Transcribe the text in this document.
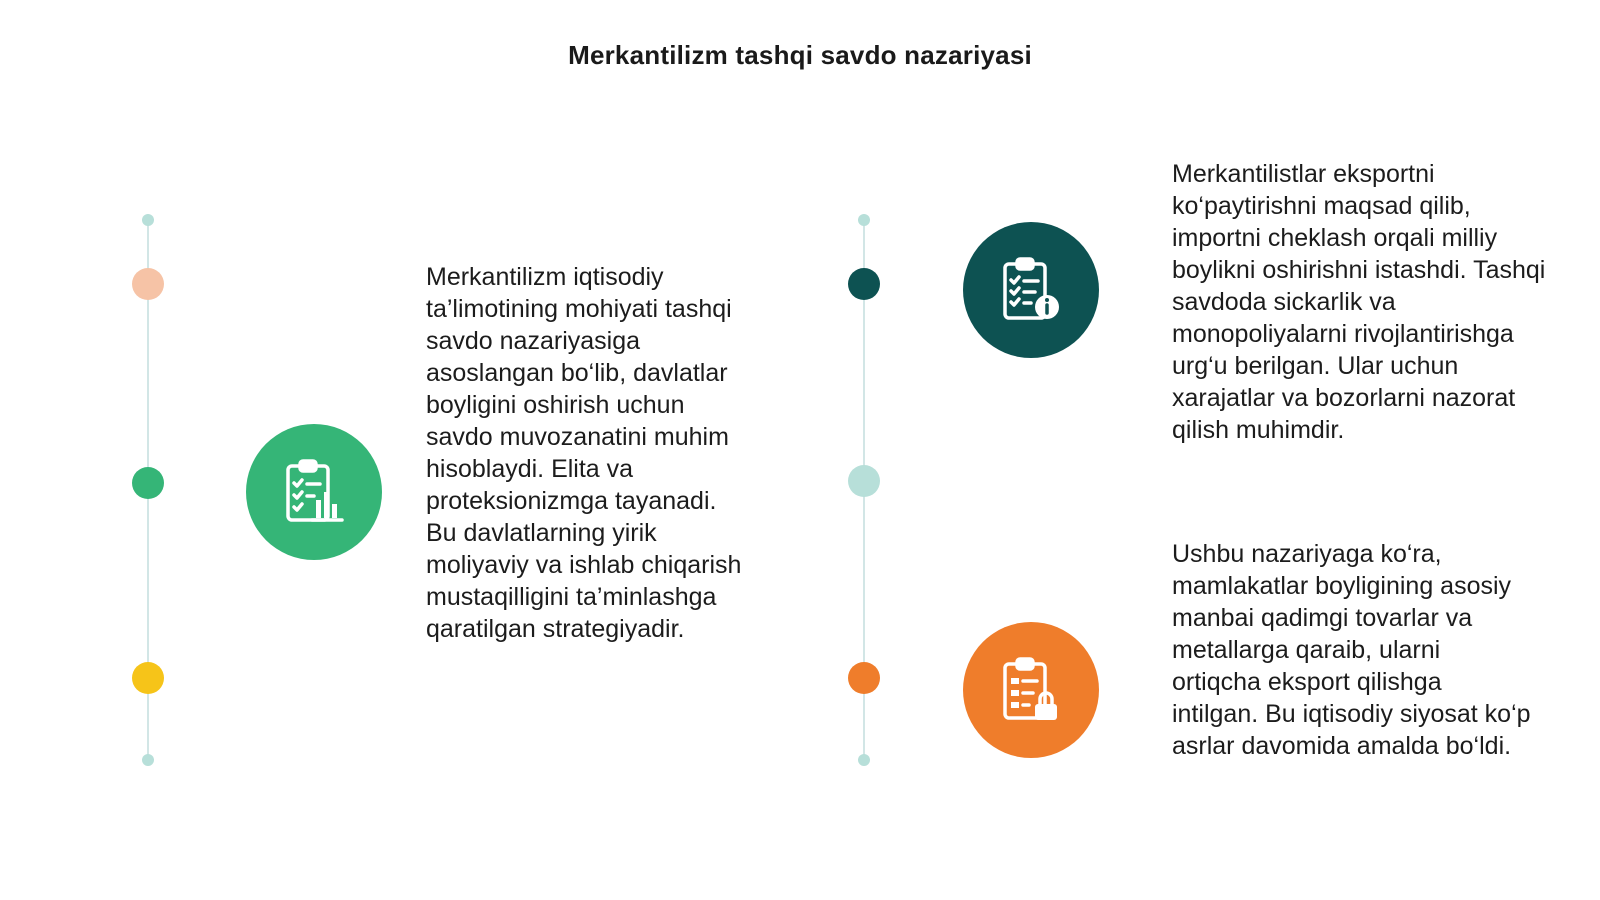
Merkantilizm tashqi savdo nazariyasi

Merkantilizm iqtisodiy ta’limotining mohiyati tashqi savdo nazariyasiga asoslangan bo‘lib, davlatlar boyligini oshirish uchun savdo muvozanatini muhim hisoblaydi. Elita va proteksionizmga tayanadi. Bu davlatlarning yirik moliyaviy va ishlab chiqarish mustaqilligini ta’minlashga qaratilgan strategiyadir.

Merkantilistlar eksportni ko‘paytirishni maqsad qilib, importni cheklash orqali milliy boylikni oshirishni istashdi. Tashqi savdoda sickarlik va monopoliyalarni rivojlantirishga urg‘u berilgan. Ular uchun xarajatlar va bozorlarni nazorat qilish muhimdir.

Ushbu nazariyaga ko‘ra, mamlakatlar boyligining asosiy manbai qadimgi tovarlar va metallarga qaraib, ularni ortiqcha eksport qilishga intilgan. Bu iqtisodiy siyosat ko‘p asrlar davomida amalda bo‘ldi.
